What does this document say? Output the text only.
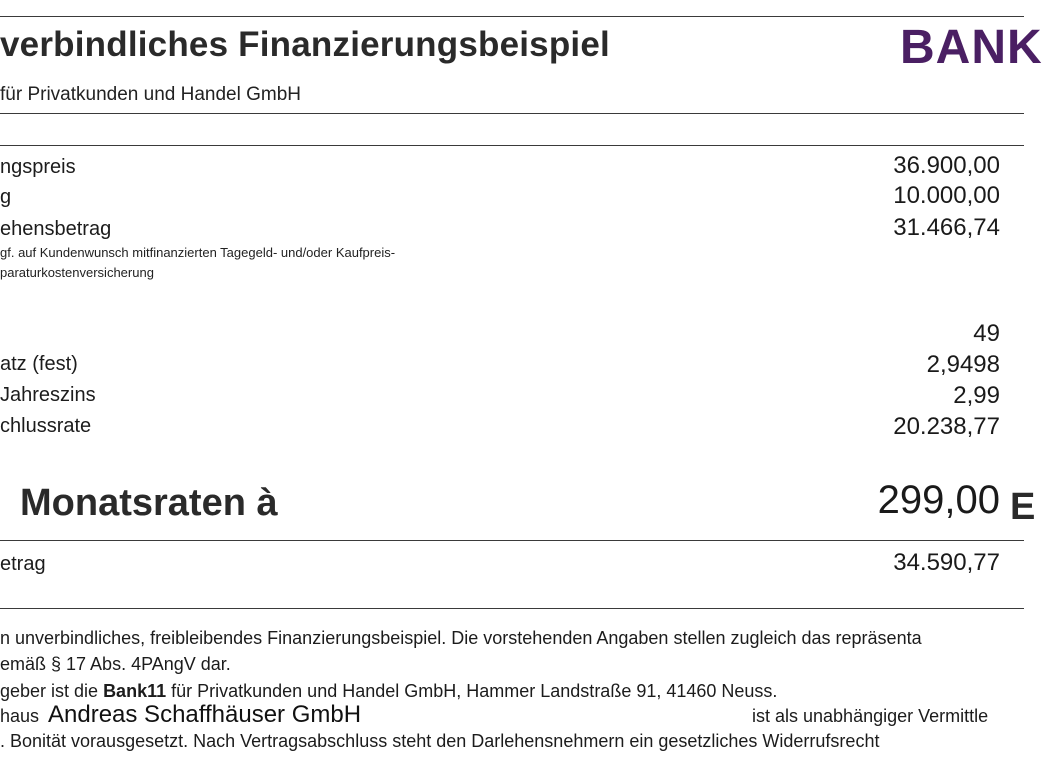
verbindliches Finanzierungsbeispiel	BANK
für Privatkunden und Handel GmbH
ngspreis	36.900,00
g	10.000,00
ehensbetrag	31.466,74
gf. auf Kundenwunsch mitfinanzierten Tagegeld- und/oder Kaufpreis-
paraturkostenversicherung
49
atz (fest)	2,9498
Jahreszins	2,99
chlussrate	20.238,77
Monatsraten à	299,00 E
etrag	34.590,77
n unverbindliches, freibleibendes Finanzierungsbeispiel. Die vorstehenden Angaben stellen zugleich das repräsenta
emäß § 17 Abs. 4PAngV dar.
geber ist die Bank11 für Privatkunden und Handel GmbH, Hammer Landstraße 91, 41460 Neuss.
haus Andreas Schaffhäuser GmbH	ist als unabhängiger Vermittle
. Bonität vorausgesetzt. Nach Vertragsabschluss steht den Darlehensnehmern ein gesetzliches Widerrufsrecht
